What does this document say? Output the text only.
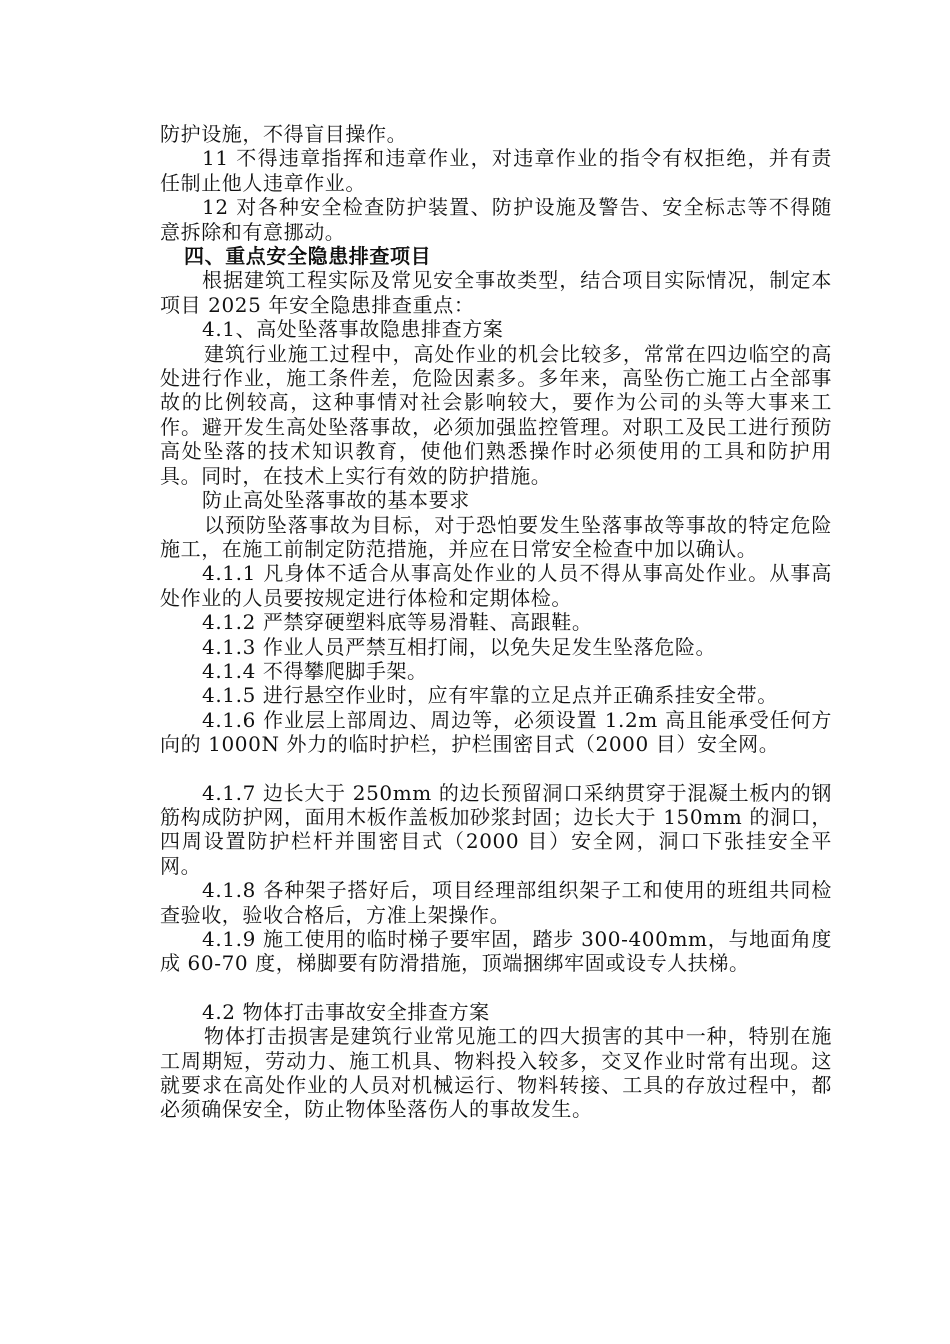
防护设施，不得盲目操作。

11 不得违章指挥和违章作业，对违章作业的指令有权拒绝，并有责任制止他人违章作业。

12 对各种安全检查防护装置、防护设施及警告、安全标志等不得随意拆除和有意挪动。

四、重点安全隐患排查项目

根据建筑工程实际及常见安全事故类型，结合项目实际情况，制定本项目 2025 年安全隐患排查重点：

4.1、高处坠落事故隐患排查方案

建筑行业施工过程中，高处作业的机会比较多，常常在四边临空的高处进行作业，施工条件差，危险因素多。多年来，高坠伤亡施工占全部事故的比例较高，这种事情对社会影响较大，要作为公司的头等大事来工作。避开发生高处坠落事故，必须加强监控管理。对职工及民工进行预防高处坠落的技术知识教育，使他们熟悉操作时必须使用的工具和防护用具。同时，在技术上实行有效的防护措施。

防止高处坠落事故的基本要求

以预防坠落事故为目标，对于恐怕要发生坠落事故等事故的特定危险施工，在施工前制定防范措施，并应在日常安全检查中加以确认。

4.1.1 凡身体不适合从事高处作业的人员不得从事高处作业。从事高处作业的人员要按规定进行体检和定期体检。

4.1.2 严禁穿硬塑料底等易滑鞋、高跟鞋。

4.1.3 作业人员严禁互相打闹，以免失足发生坠落危险。

4.1.4 不得攀爬脚手架。

4.1.5 进行悬空作业时，应有牢靠的立足点并正确系挂安全带。

4.1.6 作业层上部周边、周边等，必须设置 1.2m 高且能承受任何方向的 1000N 外力的临时护栏，护栏围密目式（2000 目）安全网。

4.1.7 边长大于 250mm 的边长预留洞口采纳贯穿于混凝土板内的钢筋构成防护网，面用木板作盖板加砂浆封固；边长大于 150mm 的洞口，四周设置防护栏杆并围密目式（2000 目）安全网，洞口下张挂安全平网。

4.1.8 各种架子搭好后，项目经理部组织架子工和使用的班组共同检查验收，验收合格后，方准上架操作。

4.1.9 施工使用的临时梯子要牢固，踏步 300-400mm，与地面角度成 60-70 度，梯脚要有防滑措施，顶端捆绑牢固或设专人扶梯。

4.2 物体打击事故安全排查方案

物体打击损害是建筑行业常见施工的四大损害的其中一种，特别在施工周期短，劳动力、施工机具、物料投入较多，交叉作业时常有出现。这就要求在高处作业的人员对机械运行、物料转接、工具的存放过程中，都必须确保安全，防止物体坠落伤人的事故发生。
